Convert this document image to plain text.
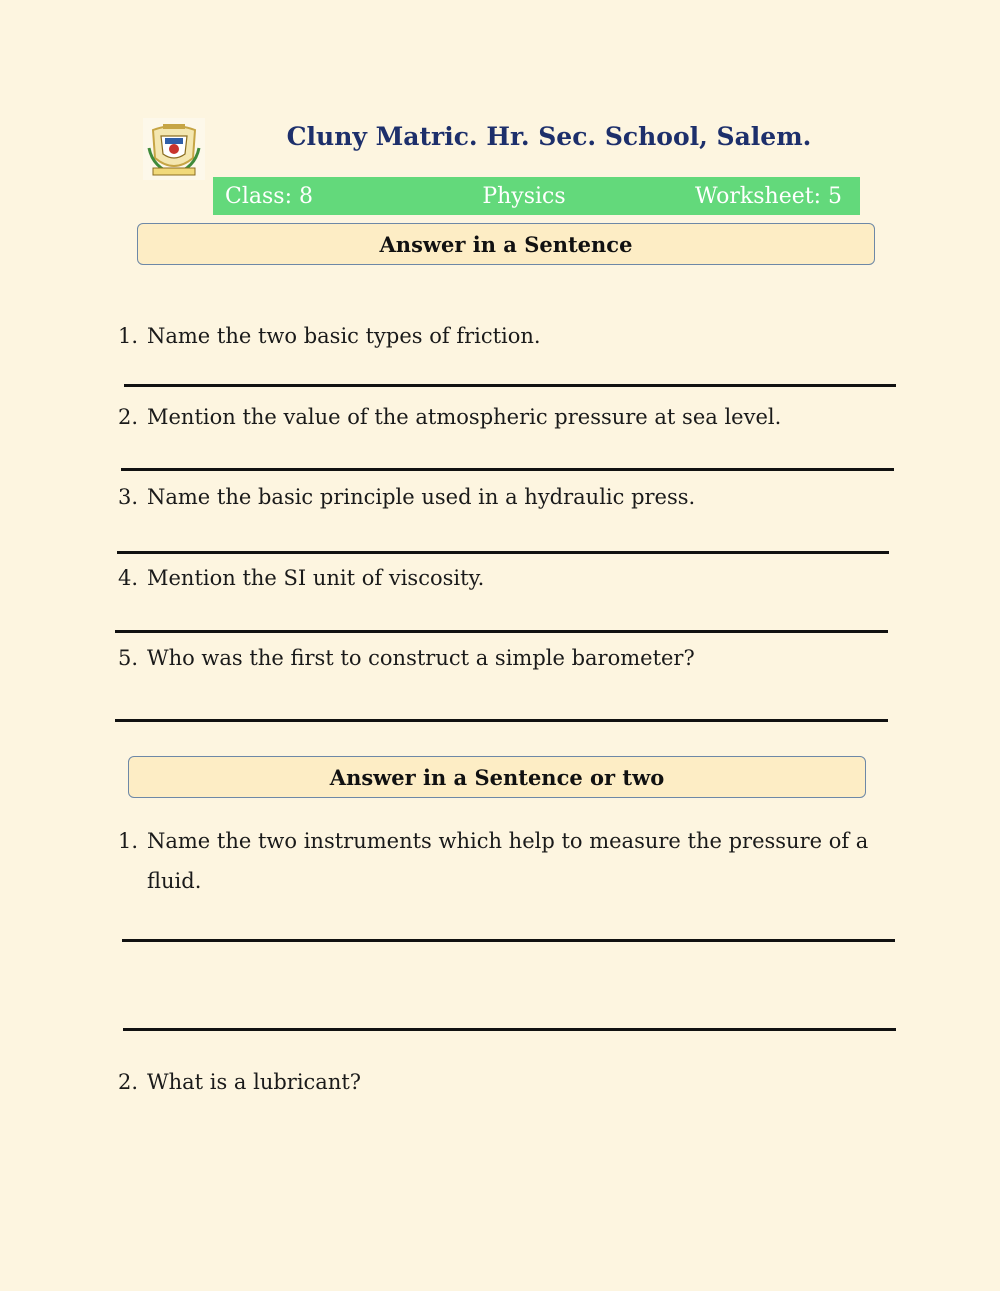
Cluny Matric. Hr. Sec. School, Salem.
Class: 8	Physics	Worksheet: 5
Answer in a Sentence
1. Name the two basic types of friction.
2. Mention the value of the atmospheric pressure at sea level.
3. Name the basic principle used in a hydraulic press.
4. Mention the SI unit of viscosity.
5. Who was the first to construct a simple barometer?
Answer in a Sentence or two
1. Name the two instruments which help to measure the pressure of a fluid.
2. What is a lubricant?
